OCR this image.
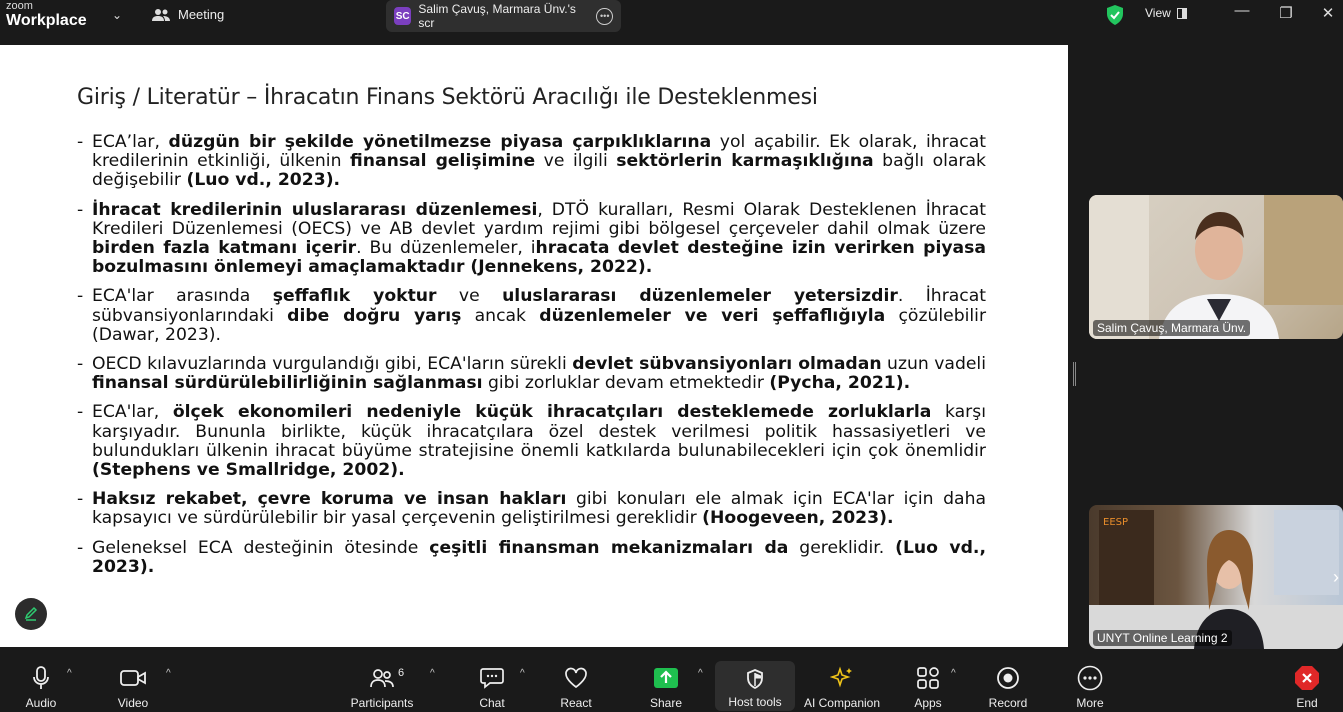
zoom
Workplace ⌄	Meeting	SC Salim Çavuş, Marmara Ünv.'s scr
•••	View	— ❐ ✕
Giriş / Literatür – İhracatın Finans Sektörü Aracılığı ile Desteklenmesi
- ECA’lar, düzgün bir şekilde yönetilmezse piyasa çarpıklıklarına yol açabilir. Ek olarak, ihracat kredilerinin etkinliği, ülkenin finansal gelişimine ve ilgili sektörlerin karmaşıklığına bağlı olarak değişebilir (Luo vd., 2023).
- İhracat kredilerinin uluslararası düzenlemesi, DTÖ kuralları, Resmi Olarak Desteklenen İhracat Kredileri Düzenlemesi (OECS) ve AB devlet yardım rejimi gibi bölgesel çerçeveler dahil olmak üzere birden fazla katmanı içerir. Bu düzenlemeler, ihracata devlet desteğine izin verirken piyasa bozulmasını önlemeyi amaçlamaktadır (Jennekens, 2022).
- ECA'lar arasında şeffaflık yoktur ve uluslararası düzenlemeler yetersizdir. İhracat sübvansiyonlarındaki dibe doğru yarış ancak düzenlemeler ve veri şeffaflığıyla çözülebilir (Dawar, 2023).
- OECD kılavuzlarında vurgulandığı gibi, ECA'ların sürekli devlet sübvansiyonları olmadan uzun vadeli finansal sürdürülebilirliğinin sağlanması gibi zorluklar devam etmektedir (Pycha, 2021).
- ECA'lar, ölçek ekonomileri nedeniyle küçük ihracatçıları desteklemede zorluklarla karşı karşıyadır. Bununla birlikte, küçük ihracatçılara özel destek verilmesi politik hassasiyetleri ve bulundukları ülkenin ihracat büyüme stratejisine önemli katkılarda bulunabilecekleri için çok önemlidir (Stephens ve Smallridge, 2002).
- Haksız rekabet, çevre koruma ve insan hakları gibi konuları ele almak için ECA'lar için daha kapsayıcı ve sürdürülebilir bir yasal çerçevenin geliştirilmesi gereklidir (Hoogeveen, 2023).
- Geleneksel ECA desteğinin ötesinde çeşitli finansman mekanizmaları da gereklidir. (Luo vd., 2023).
Salim Çavuş, Marmara Ünv.
EESP
›
UNYT Online Learning 2
Audio
^
Video
^
Participants
6	^
Chat
^
React	Share
^
Host tools AI Companion	Apps
^
Record	More	End
